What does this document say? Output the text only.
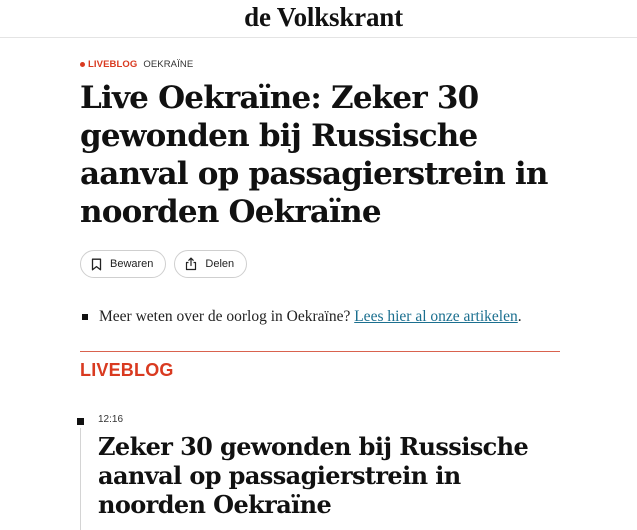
de Volkskrant
LIVEBLOG OEKRAÏNE
Live Oekraïne: Zeker 30 gewonden bij Russische aanval op passagierstrein in noorden Oekraïne
Bewaren	Delen

Meer weten over de oorlog in Oekraïne? Lees hier al onze artikelen.

LIVEBLOG
12:16
Zeker 30 gewonden bij Russische aanval op passagierstrein in noorden Oekraïne
